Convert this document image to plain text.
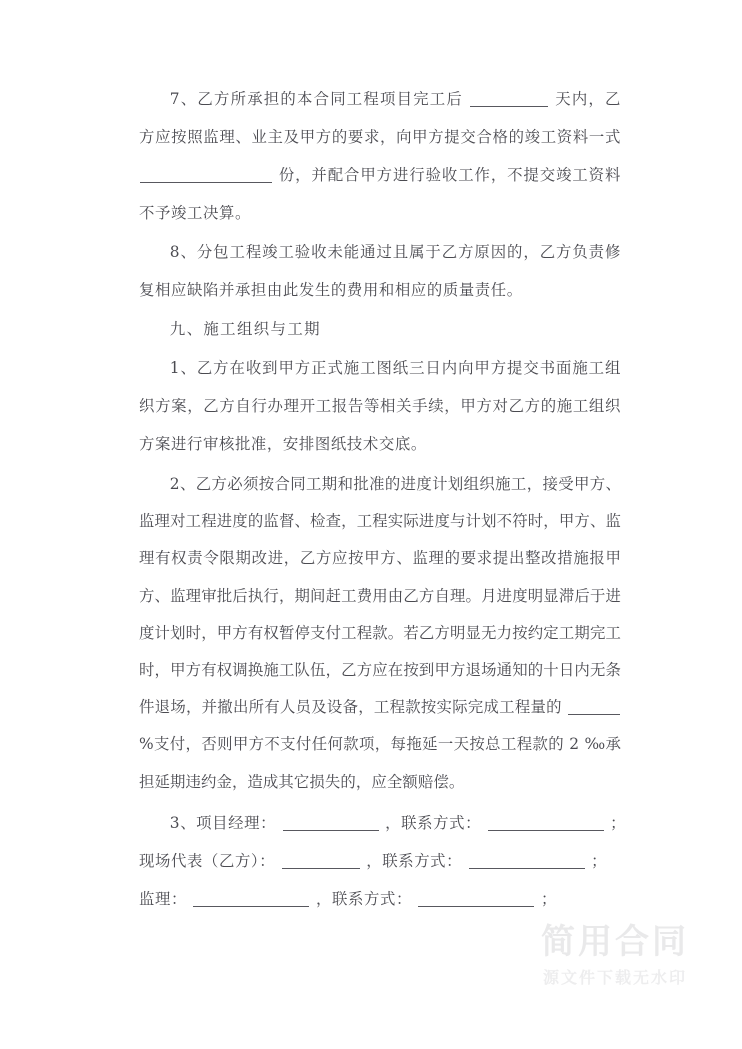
简用合同
源文件下载无水印

7、乙方所承担的本合同工程项目完工后	天内，乙方应按照监理、业主及甲方的要求，向甲方提交合格的竣工资料一式  份，并配合甲方进行验收工作，不提交竣工资料不予竣工决算。

8、分包工程竣工验收未能通过且属于乙方原因的，乙方负责修复相应缺陷并承担由此发生的费用和相应的质量责任。

九、施工组织与工期

1、乙方在收到甲方正式施工图纸三日内向甲方提交书面施工组织方案，乙方自行办理开工报告等相关手续，甲方对乙方的施工组织方案进行审核批准，安排图纸技术交底。

2、乙方必须按合同工期和批准的进度计划组织施工，接受甲方、监理对工程进度的监督、检查，工程实际进度与计划不符时，甲方、监理有权责令限期改进，乙方应按甲方、监理的要求提出整改措施报甲方、监理审批后执行，期间赶工费用由乙方自理。月进度明显滞后于进度计划时，甲方有权暂停支付工程款。若乙方明显无力按约定工期完工时，甲方有权调换施工队伍，乙方应在按到甲方退场通知的十日内无条件退场，并撤出所有人员及设备，工程款按实际完成工程量的  %支付，否则甲方不支付任何款项，每拖延一天按总工程款的 2 ‰承担延期违约金，造成其它损失的，应全额赔偿。

3、项目经理：	，联系方式：	；

现场代表（乙方）：	，联系方式：	；

监理：	，联系方式：	；
